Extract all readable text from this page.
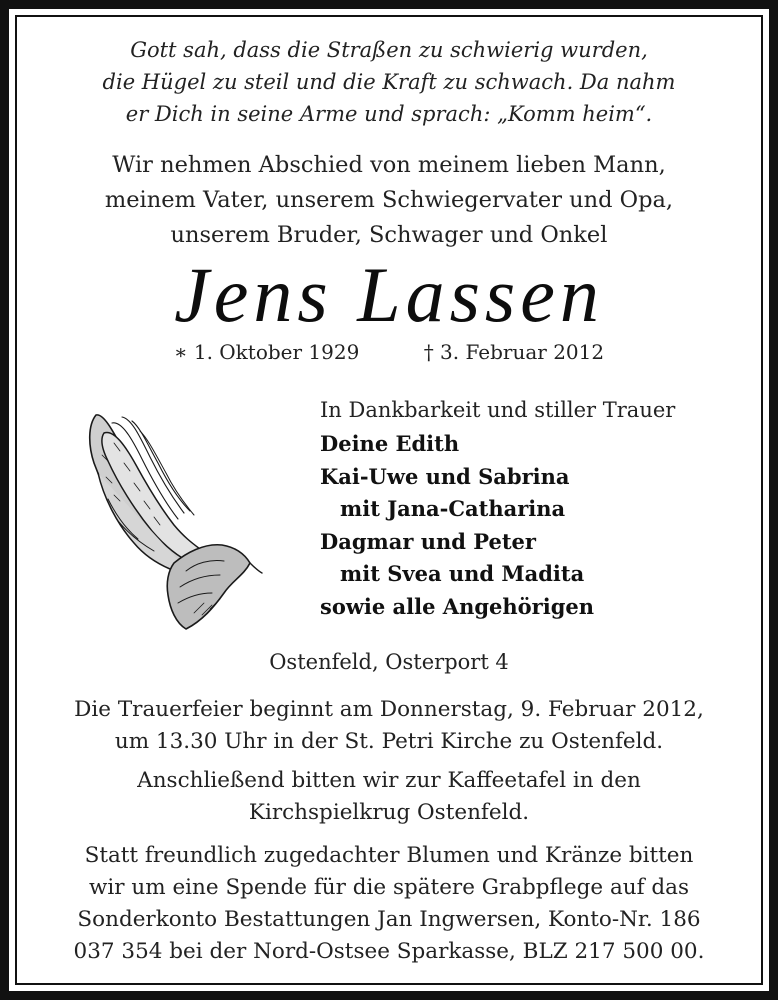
Gott sah, dass die Straßen zu schwierig wurden,
die Hügel zu steil und die Kraft zu schwach. Da nahm
er Dich in seine Arme und sprach: „Komm heim“.
Wir nehmen Abschied von meinem lieben Mann,
meinem Vater, unserem Schwiegervater und Opa,
unserem Bruder, Schwager und Onkel
Jens Lassen
∗ 1. Oktober 1929	† 3. Februar 2012
In Dankbarkeit und stiller Trauer
Deine Edith
Kai-Uwe und Sabrina
mit Jana-Catharina
Dagmar und Peter
mit Svea und Madita
sowie alle Angehörigen
Ostenfeld, Osterport 4
Die Trauerfeier beginnt am Donnerstag, 9. Februar 2012,
um 13.30 Uhr in der St. Petri Kirche zu Ostenfeld.
Anschließend bitten wir zur Kaffeetafel in den
Kirchspielkrug Ostenfeld.
Statt freundlich zugedachter Blumen und Kränze bitten
wir um eine Spende für die spätere Grabpflege auf das
Sonderkonto Bestattungen Jan Ingwersen, Konto-Nr. 186
037 354 bei der Nord-Ostsee Sparkasse, BLZ 217 500 00.
